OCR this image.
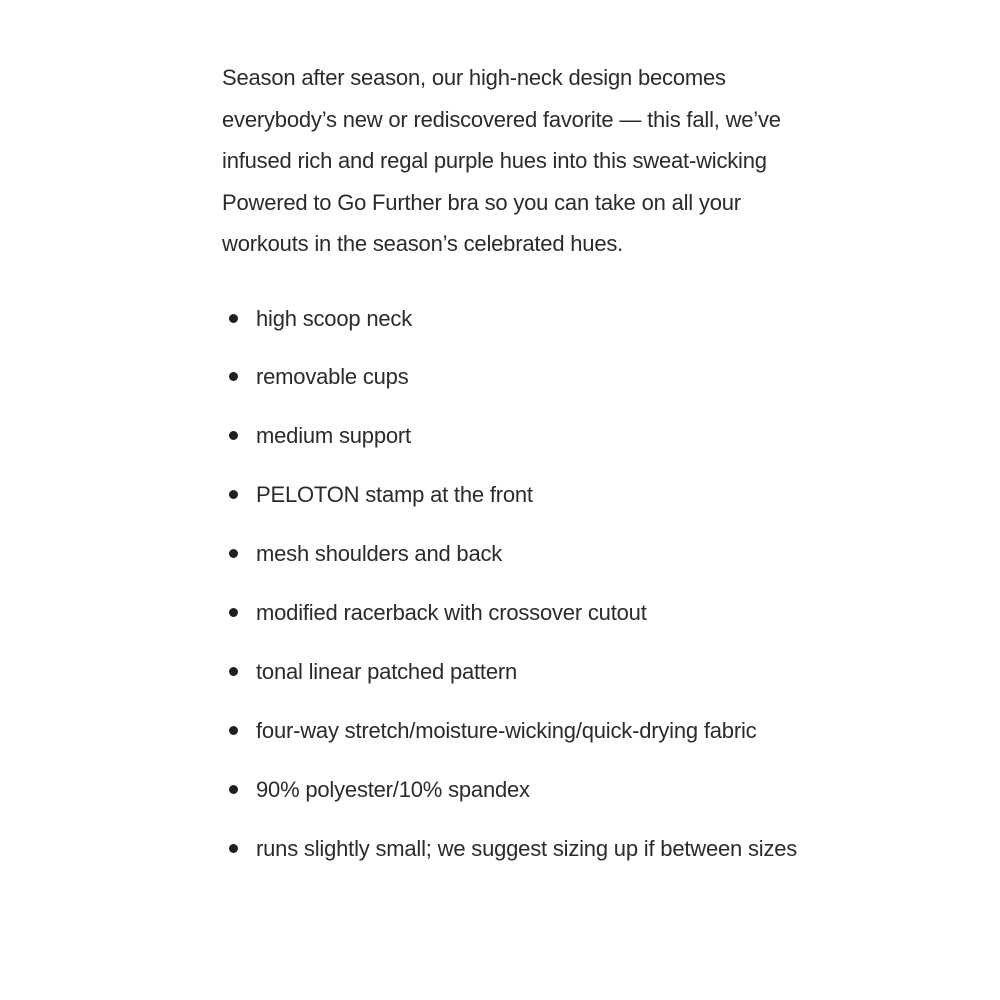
Season after season, our high-neck design becomes everybody’s new or rediscovered favorite — this fall, we’ve infused rich and regal purple hues into this sweat-wicking Powered to Go Further bra so you can take on all your workouts in the season’s celebrated hues.

high scoop neck
removable cups
medium support
PELOTON stamp at the front
mesh shoulders and back
modified racerback with crossover cutout
tonal linear patched pattern
four-way stretch/moisture-wicking/quick-drying fabric
90% polyester/10% spandex
runs slightly small; we suggest sizing up if between sizes
